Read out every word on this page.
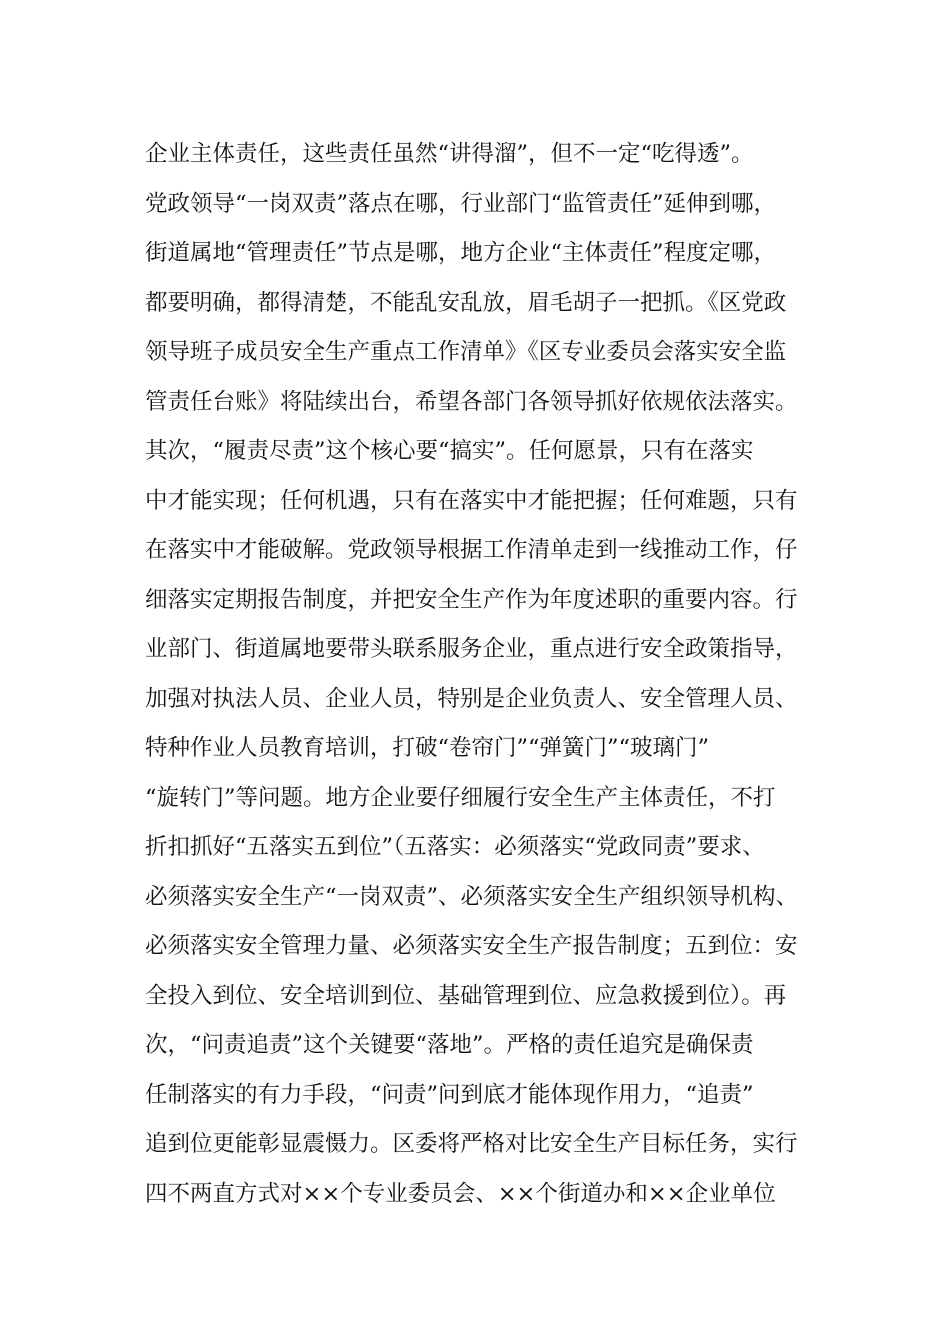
企业主体责任，这些责任虽然“讲得溜”，但不一定“吃得透”。
党政领导“一岗双责”落点在哪，行业部门“监管责任”延伸到哪，
街道属地“管理责任”节点是哪，地方企业“主体责任”程度定哪，
都要明确，都得清楚，不能乱安乱放，眉毛胡子一把抓。《区党政
领导班子成员安全生产重点工作清单》《区专业委员会落实安全监
管责任台账》将陆续出台，希望各部门各领导抓好依规依法落实。
其次，“履责尽责”这个核心要“搞实”。任何愿景，只有在落实
中才能实现；任何机遇，只有在落实中才能把握；任何难题，只有
在落实中才能破解。党政领导根据工作清单走到一线推动工作，仔
细落实定期报告制度，并把安全生产作为年度述职的重要内容。行
业部门、街道属地要带头联系服务企业，重点进行安全政策指导，
加强对执法人员、企业人员，特别是企业负责人、安全管理人员、
特种作业人员教育培训，打破“卷帘门”“弹簧门”“玻璃门”
“旋转门”等问题。地方企业要仔细履行安全生产主体责任，不打
折扣抓好“五落实五到位”（五落实：必须落实“党政同责”要求、
必须落实安全生产“一岗双责”、必须落实安全生产组织领导机构、
必须落实安全管理力量、必须落实安全生产报告制度；五到位：安
全投入到位、安全培训到位、基础管理到位、应急救援到位）。再
次，“问责追责”这个关键要“落地”。严格的责任追究是确保责
任制落实的有力手段，“问责”问到底才能体现作用力，“追责”
追到位更能彰显震慑力。区委将严格对比安全生产目标任务，实行
四不两直方式对××个专业委员会、××个街道办和××企业单位
